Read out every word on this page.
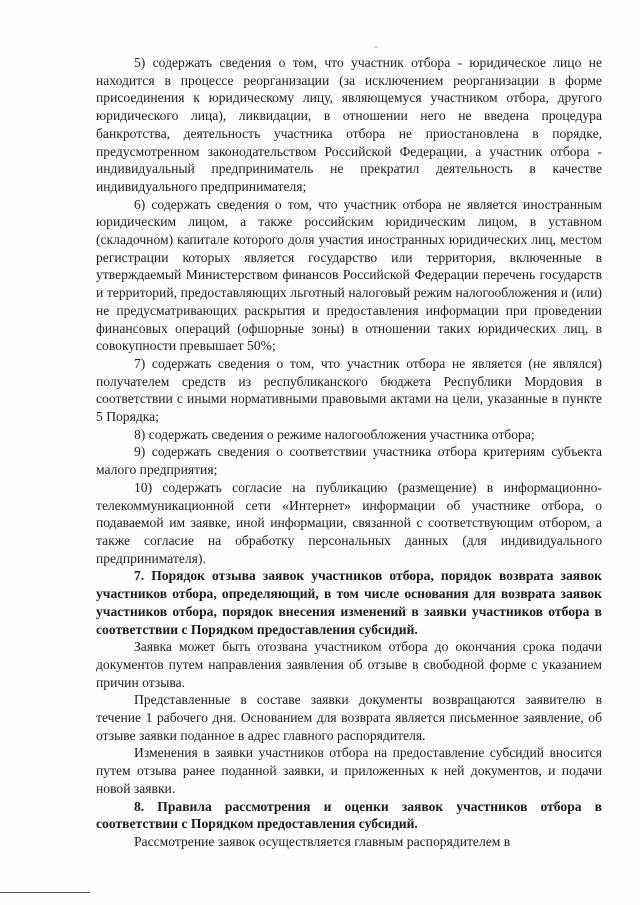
5) содержать сведения о том, что участник отбора - юридическое лицо не находится в процессе реорганизации (за исключением реорганизации в форме присоединения к юридическому лицу, являющемуся участником отбора, другого юридического лица), ликвидации, в отношении него не введена процедура банкротства, деятельность участника отбора не приостановлена в порядке, предусмотренном законодательством Российской Федерации, а участник отбора - индивидуальный предприниматель не прекратил деятельность в качестве индивидуального предпринимателя;

6) содержать сведения о том, что участник отбора не является иностранным юридическим лицом, а также российским юридическим лицом, в уставном (складочном) капитале которого доля участия иностранных юридических лиц, местом регистрации которых является государство или территория, включенные в утверждаемый Министерством финансов Российской Федерации перечень государств и территорий, предоставляющих льготный налоговый режим налогообложения и (или) не предусматривающих раскрытия и предоставления информации при проведении финансовых операций (офшорные зоны) в отношении таких юридических лиц, в совокупности превышает 50%;

7) содержать сведения о том, что участник отбора не является (не являлся) получателем средств из республиканского бюджета Республики Мордовия в соответствии с иными нормативными правовыми актами на цели, указанные в пункте 5 Порядка;

8) содержать сведения о режиме налогообложения участника отбора;

9) содержать сведения о соответствии участника отбора критериям субъекта малого предприятия;

10) содержать согласие на публикацию (размещение) в информационно-телекоммуникационной сети «Интернет» информации об участнике отбора, о подаваемой им заявке, иной информации, связанной с соответствующим отбором, а также согласие на обработку персональных данных (для индивидуального предпринимателя).

7. Порядок отзыва заявок участников отбора, порядок возврата заявок участников отбора, определяющий, в том числе основания для возврата заявок участников отбора, порядок внесения изменений в заявки участников отбора в соответствии с Порядком предоставления субсидий.

Заявка может быть отозвана участником отбора до окончания срока подачи документов путем направления заявления об отзыве в свободной форме с указанием причин отзыва.

Представленные в составе заявки документы возвращаются заявителю в течение 1 рабочего дня. Основанием для возврата является письменное заявление, об отзыве заявки поданное в адрес главного распорядителя.

Изменения в заявки участников отбора на предоставление субсидий вносится путем отзыва ранее поданной заявки, и приложенных к ней документов, и подачи новой заявки.

8. Правила рассмотрения и оценки заявок участников отбора в соответствии с Порядком предоставления субсидий.

Рассмотрение заявок осуществляется главным распорядителем в
